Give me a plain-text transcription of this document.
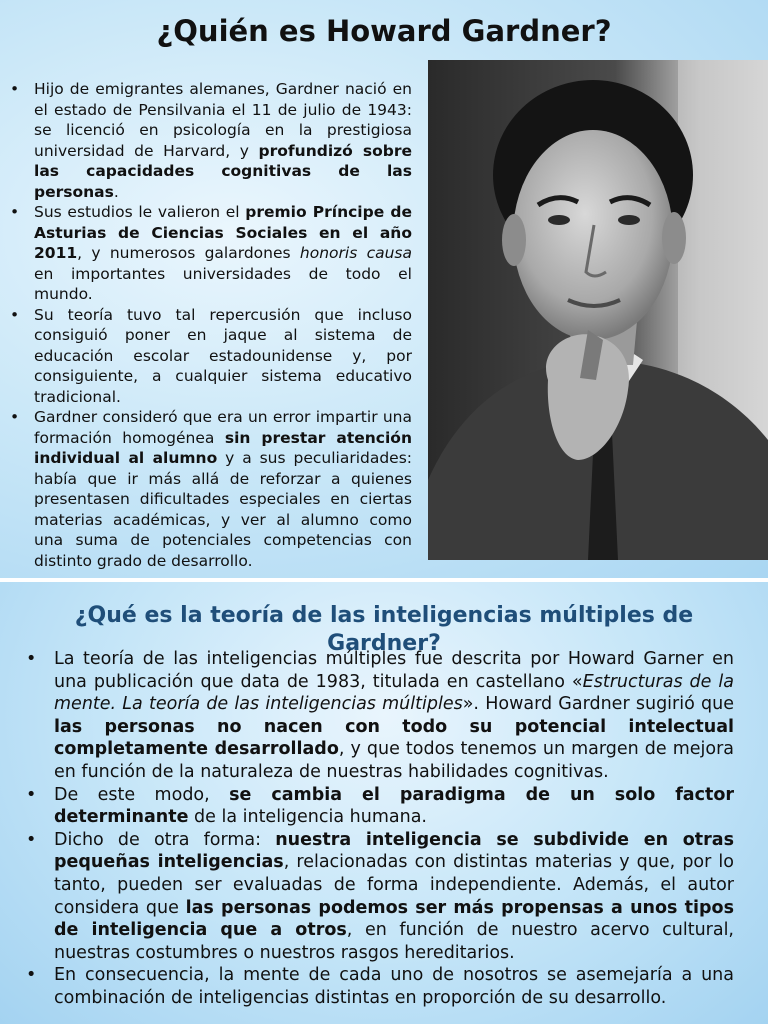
¿Quién es Howard Gardner?
• Hijo de emigrantes alemanes, Gardner nació en el estado de Pensilvania el 11 de julio de 1943: se licenció en psicología en la prestigiosa universidad de Harvard, y profundizó sobre las capacidades cognitivas de las personas.
• Sus estudios le valieron el premio Príncipe de Asturias de Ciencias Sociales en el año 2011, y numerosos galardones honoris causa en importantes universidades de todo el mundo.
• Su teoría tuvo tal repercusión que incluso consiguió poner en jaque al sistema de educación escolar estadounidense y, por consiguiente, a cualquier sistema educativo tradicional.
• Gardner consideró que era un error impartir una formación homogénea sin prestar atención individual al alumno y a sus peculiaridades: había que ir más allá de reforzar a quienes presentasen dificultades especiales en ciertas materias académicas, y ver al alumno como una suma de potenciales competencias con distinto grado de desarrollo.
¿Qué es la teoría de las inteligencias múltiples de Gardner?
• La teoría de las inteligencias múltiples fue descrita por Howard Garner en una publicación que data de 1983, titulada en castellano «Estructuras de la mente. La teoría de las inteligencias múltiples». Howard Gardner sugirió que las personas no nacen con todo su potencial intelectual completamente desarrollado, y que todos tenemos un margen de mejora en función de la naturaleza de nuestras habilidades cognitivas.
• De este modo, se cambia el paradigma de un solo factor determinante de la inteligencia humana.
• Dicho de otra forma: nuestra inteligencia se subdivide en otras pequeñas inteligencias, relacionadas con distintas materias y que, por lo tanto, pueden ser evaluadas de forma independiente. Además, el autor considera que las personas podemos ser más propensas a unos tipos de inteligencia que a otros, en función de nuestro acervo cultural, nuestras costumbres o nuestros rasgos hereditarios.
• En consecuencia, la mente de cada uno de nosotros se asemejaría a una combinación de inteligencias distintas en proporción de su desarrollo.
